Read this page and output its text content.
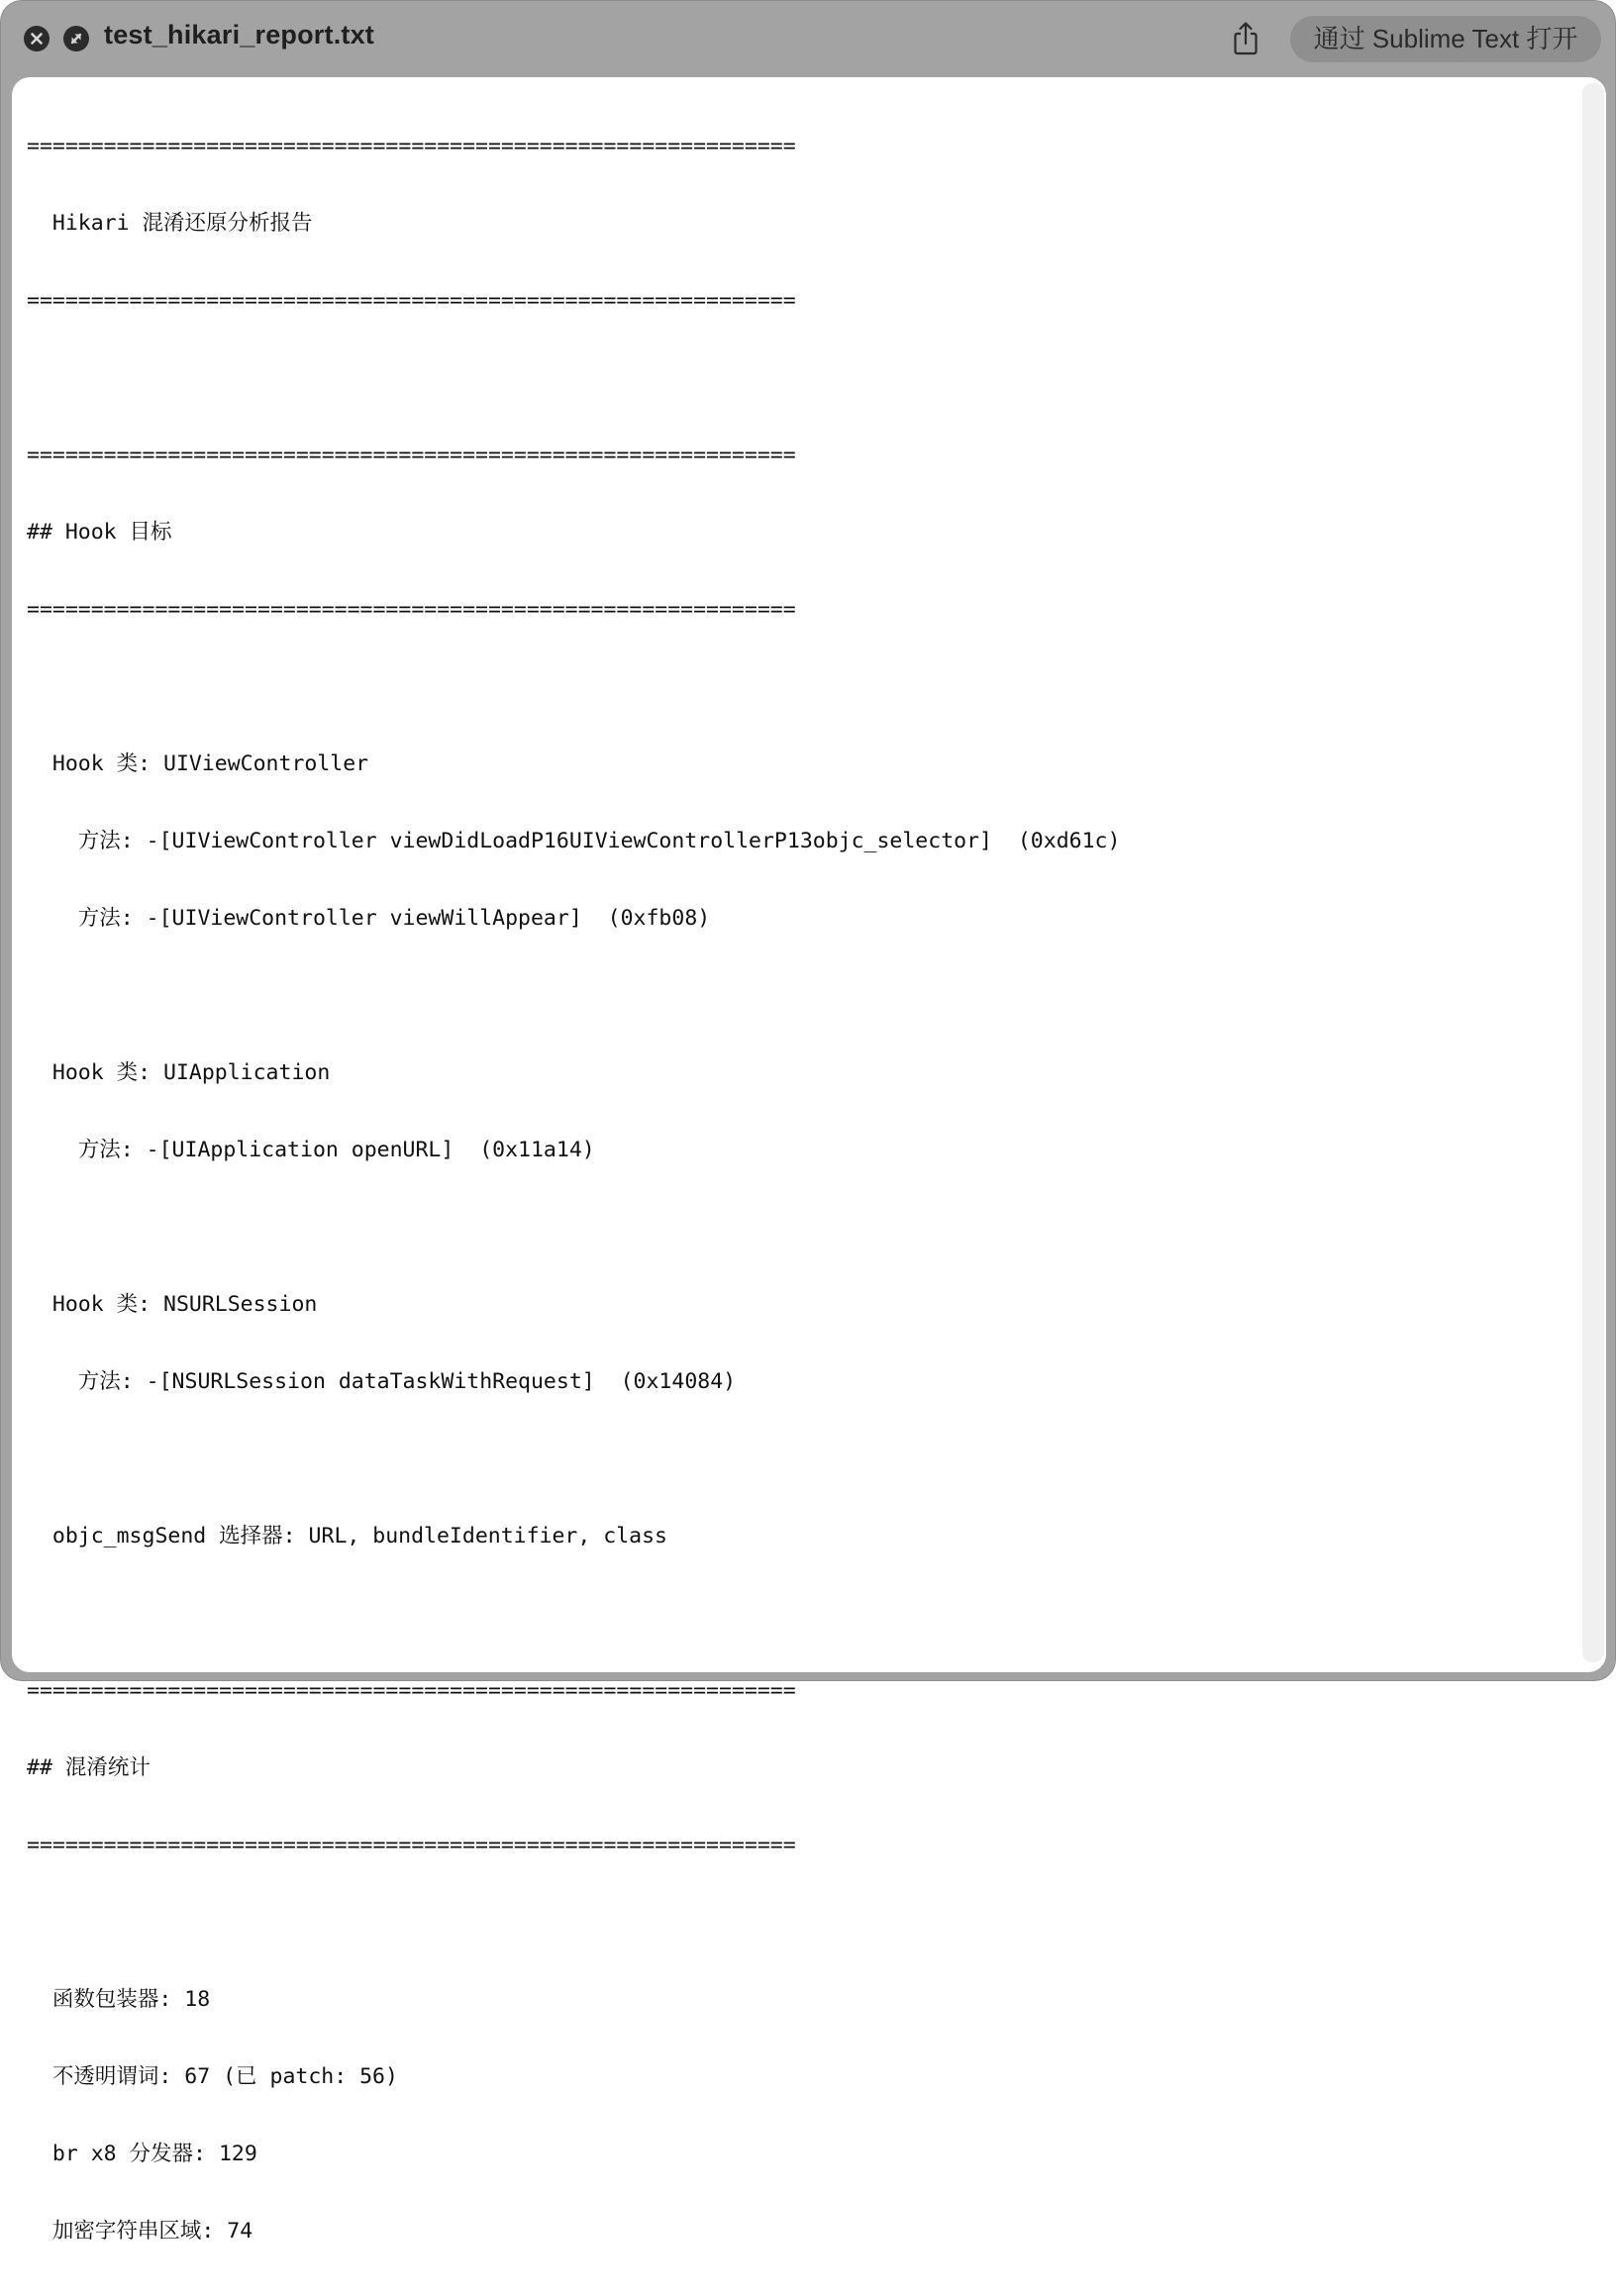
test_hikari_report.txt	通过 Sublime Text 打开

============================================================

Hikari 混淆还原分析报告

============================================================

============================================================

## Hook 目标

============================================================

Hook 类: UIViewController

方法: -[UIViewController viewDidLoadP16UIViewControllerP13objc_selector]  (0xd61c)

方法: -[UIViewController viewWillAppear]  (0xfb08)

Hook 类: UIApplication

方法: -[UIApplication openURL]  (0x11a14)

Hook 类: NSURLSession

方法: -[NSURLSession dataTaskWithRequest]  (0x14084)

objc_msgSend 选择器: URL, bundleIdentifier, class

============================================================

## 混淆统计

============================================================

函数包装器: 18

不透明谓词: 67 (已 patch: 56)

br x8 分发器: 129

加密字符串区域: 74
